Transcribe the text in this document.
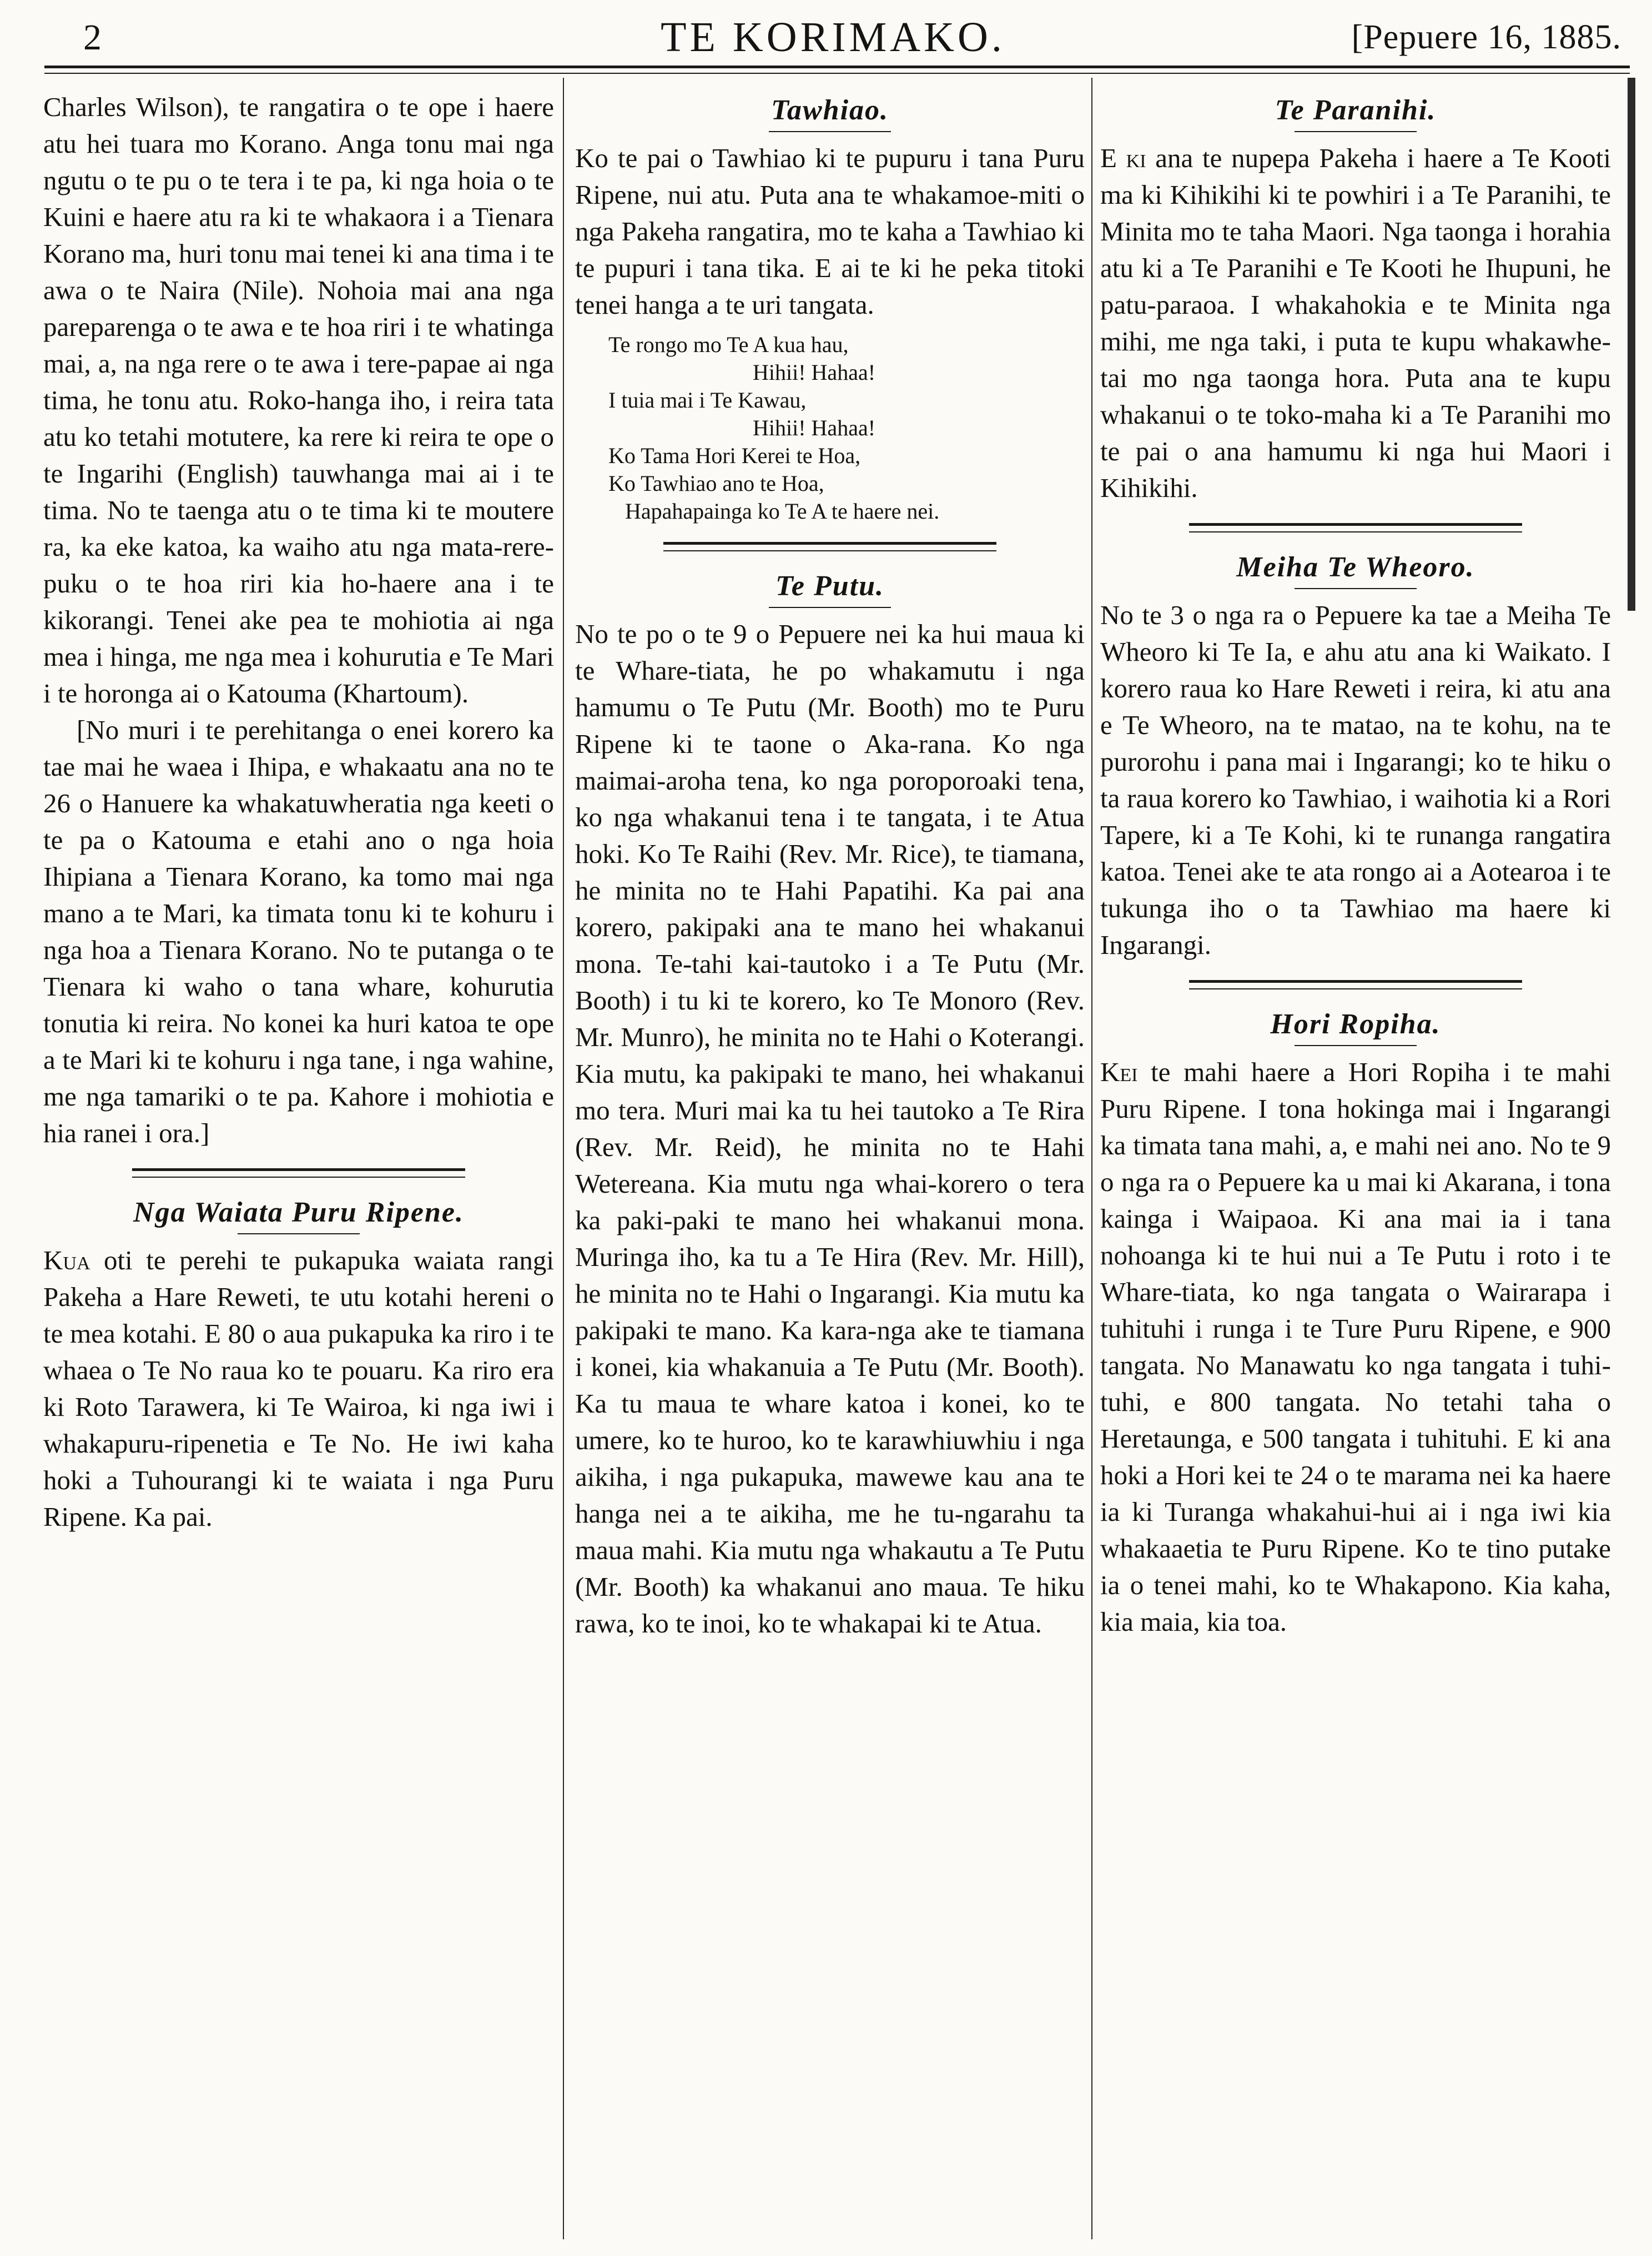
2	TE KORIMAKO.	[Pepuere 16, 1885.

Charles Wilson), te rangatira o te ope i haere atu hei tuara mo Korano. Anga tonu mai nga ngutu o te pu o te tera i te pa, ki nga hoia o te Kuini e haere atu ra ki te whakaora i a Tienara Korano ma, huri tonu mai tenei ki ana tima i te awa o te Naira (Nile). Nohoia mai ana nga pareparenga o te awa e te hoa riri i te whatinga mai, a, na nga rere o te awa i tere-papae ai nga tima, he tonu atu. Roko-hanga iho, i reira tata atu ko tetahi motutere, ka rere ki reira te ope o te Ingarihi (English) tauwhanga mai ai i te tima. No te taenga atu o te tima ki te moutere ra, ka eke katoa, ka waiho atu nga mata-rere-puku o te hoa riri kia ho-haere ana i te kikorangi. Tenei ake pea te mohiotia ai nga mea i hinga, me nga mea i kohurutia e Te Mari i te horonga ai o Katouma (Khartoum).

[No muri i te perehitanga o enei korero ka tae mai he waea i Ihipa, e whakaatu ana no te 26 o Hanuere ka whakatuwheratia nga keeti o te pa o Katouma e etahi ano o nga hoia Ihipiana a Tienara Korano, ka tomo mai nga mano a te Mari, ka timata tonu ki te kohuru i nga hoa a Tienara Korano. No te putanga o te Tienara ki waho o tana whare, kohurutia tonutia ki reira. No konei ka huri katoa te ope a te Mari ki te kohuru i nga tane, i nga wahine, me nga tamariki o te pa. Kahore i mohiotia e hia ranei i ora.]

Nga Waiata Puru Ripene.

Kua oti te perehi te pukapuka waiata rangi Pakeha a Hare Reweti, te utu kotahi hereni o te mea kotahi. E 80 o aua pukapuka ka riro i te whaea o Te No raua ko te pouaru. Ka riro era ki Roto Tarawera, ki Te Wairoa, ki nga iwi i whakapuru-ripenetia e Te No. He iwi kaha hoki a Tuhourangi ki te waiata i nga Puru Ripene. Ka pai.

Tawhiao.

Ko te pai o Tawhiao ki te pupuru i tana Puru Ripene, nui atu. Puta ana te whakamoe-miti o nga Pakeha rangatira, mo te kaha a Tawhiao ki te pupuri i tana tika. E ai te ki he peka titoki tenei hanga a te uri tangata.

Te rongo mo Te A kua hau,
Hihii! Hahaa!
I tuia mai i Te Kawau,
Hihii! Hahaa!
Ko Tama Hori Kerei te Hoa,
Ko Tawhiao ano te Hoa,
Hapahapainga ko Te A te haere nei.
Te Putu.

No te po o te 9 o Pepuere nei ka hui maua ki te Whare-tiata, he po whakamutu i nga hamumu o Te Putu (Mr. Booth) mo te Puru Ripene ki te taone o Aka-rana. Ko nga maimai-aroha tena, ko nga poroporoaki tena, ko nga whakanui tena i te tangata, i te Atua hoki. Ko Te Raihi (Rev. Mr. Rice), te tiamana, he minita no te Hahi Papatihi. Ka pai ana korero, pakipaki ana te mano hei whakanui mona. Te-tahi kai-tautoko i a Te Putu (Mr. Booth) i tu ki te korero, ko Te Monoro (Rev. Mr. Munro), he minita no te Hahi o Koterangi. Kia mutu, ka pakipaki te mano, hei whakanui mo tera. Muri mai ka tu hei tautoko a Te Rira (Rev. Mr. Reid), he minita no te Hahi Wetereana. Kia mutu nga whai-korero o tera ka paki-paki te mano hei whakanui mona. Muringa iho, ka tu a Te Hira (Rev. Mr. Hill), he minita no te Hahi o Ingarangi. Kia mutu ka pakipaki te mano. Ka kara-nga ake te tiamana i konei, kia whakanuia a Te Putu (Mr. Booth). Ka tu maua te whare katoa i konei, ko te umere, ko te huroo, ko te karawhiuwhiu i nga aikiha, i nga pukapuka, mawewe kau ana te hanga nei a te aikiha, me he tu-ngarahu ta maua mahi. Kia mutu nga whakautu a Te Putu (Mr. Booth) ka whakanui ano maua. Te hiku rawa, ko te inoi, ko te whakapai ki te Atua.

Te Paranihi.

E ki ana te nupepa Pakeha i haere a Te Kooti ma ki Kihikihi ki te powhiri i a Te Paranihi, te Minita mo te taha Maori. Nga taonga i horahia atu ki a Te Paranihi e Te Kooti he Ihupuni, he patu-paraoa. I whakahokia e te Minita nga mihi, me nga taki, i puta te kupu whakawhe-tai mo nga taonga hora. Puta ana te kupu whakanui o te toko-maha ki a Te Paranihi mo te pai o ana hamumu ki nga hui Maori i Kihikihi.

Meiha Te Wheoro.

No te 3 o nga ra o Pepuere ka tae a Meiha Te Wheoro ki Te Ia, e ahu atu ana ki Waikato. I korero raua ko Hare Reweti i reira, ki atu ana e Te Wheoro, na te matao, na te kohu, na te purorohu i pana mai i Ingarangi; ko te hiku o ta raua korero ko Tawhiao, i waihotia ki a Rori Tapere, ki a Te Kohi, ki te runanga rangatira katoa. Tenei ake te ata rongo ai a Aotearoa i te tukunga iho o ta Tawhiao ma haere ki Ingarangi.

Hori Ropiha.

Kei te mahi haere a Hori Ropiha i te mahi Puru Ripene. I tona hokinga mai i Ingarangi ka timata tana mahi, a, e mahi nei ano. No te 9 o nga ra o Pepuere ka u mai ki Akarana, i tona kainga i Waipaoa. Ki ana mai ia i tana nohoanga ki te hui nui a Te Putu i roto i te Whare-tiata, ko nga tangata o Wairarapa i tuhituhi i runga i te Ture Puru Ripene, e 900 tangata. No Manawatu ko nga tangata i tuhi-tuhi, e 800 tangata. No tetahi taha o Heretaunga, e 500 tangata i tuhituhi. E ki ana hoki a Hori kei te 24 o te marama nei ka haere ia ki Turanga whakahui-hui ai i nga iwi kia whakaaetia te Puru Ripene. Ko te tino putake ia o tenei mahi, ko te Whakapono. Kia kaha, kia maia, kia toa.
